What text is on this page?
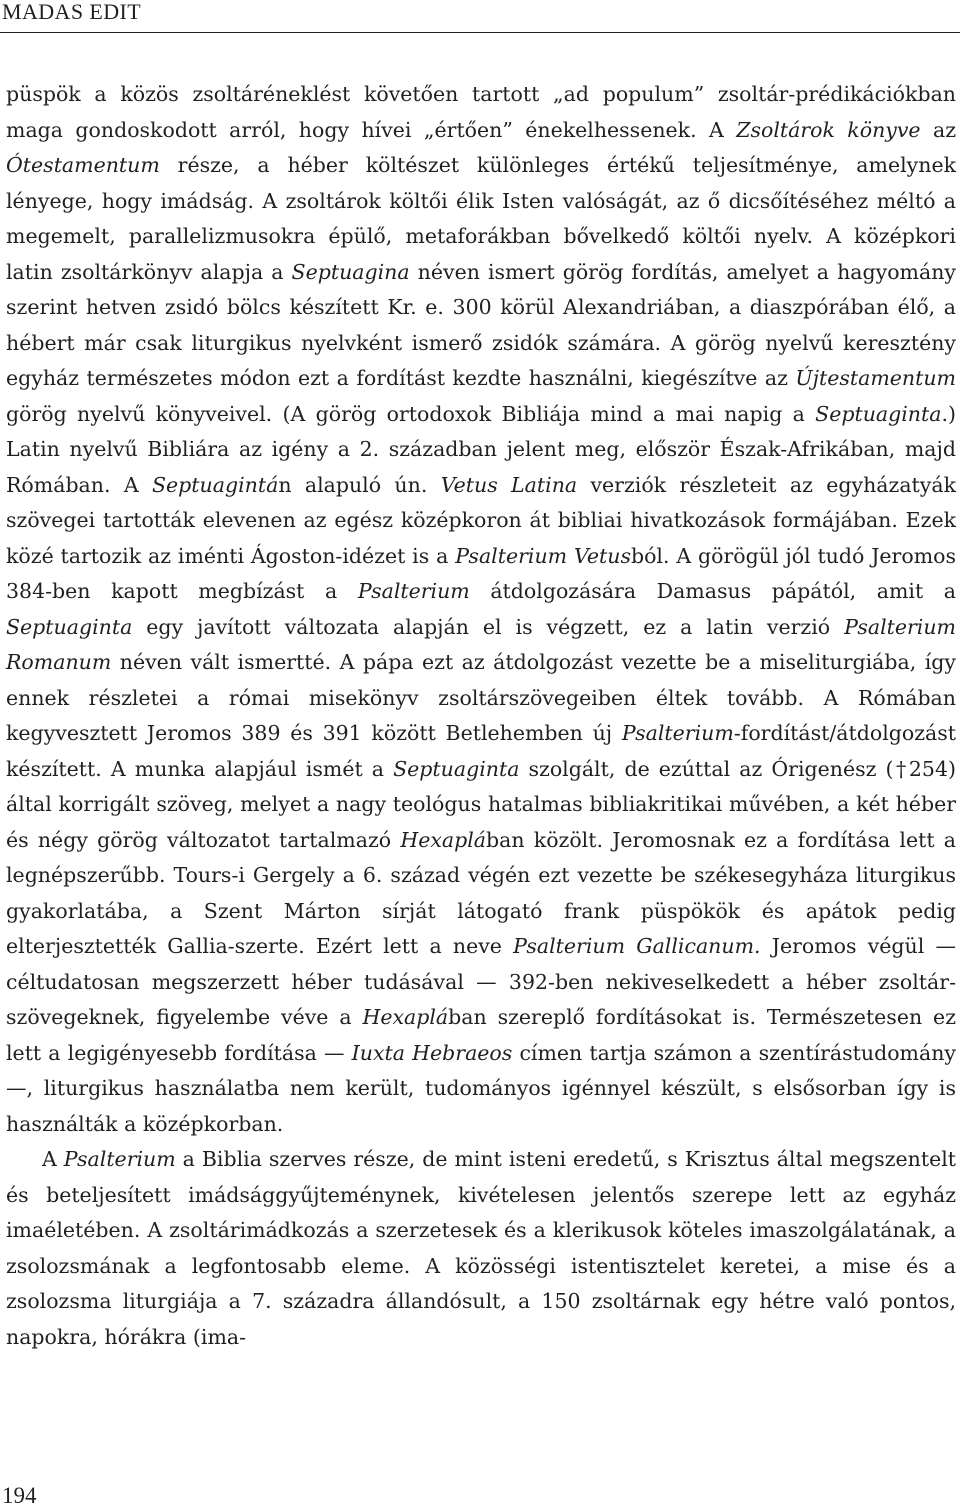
MADAS EDIT

püspök a közös zsoltáréneklést követően tartott „ad populum” zsoltár-prédikációkban maga gondoskodott arról, hogy hívei „értően” énekelhessenek. A Zsoltárok könyve az Ótestamentum része, a héber költészet különleges értékű teljesítménye, amelynek lényege, hogy imádság. A zsoltárok költői élik Isten valóságát, az ő dicsőítéséhez méltó a megemelt, parallelizmusokra épülő, metaforákban bővelkedő költői nyelv. A középkori latin zsoltárkönyv alapja a Septuagina néven ismert görög fordítás, amelyet a hagyomány szerint hetven zsidó bölcs készített Kr. e. 300 körül Alexandriában, a diaszpórában élő, a hébert már csak liturgikus nyelvként ismerő zsidók számára. A görög nyelvű keresztény egyház természetes módon ezt a fordítást kezdte használni, kiegészítve az Újtestamentum görög nyelvű könyveivel. (A görög ortodoxok Bibliája mind a mai napig a Septuaginta.) Latin nyelvű Bibliára az igény a 2. században jelent meg, először Észak-Afrikában, majd Rómában. A Septuagintán alapuló ún. Vetus Latina verziók részleteit az egyházatyák szövegei tartották elevenen az egész középkoron át bibliai hivatkozások formájában. Ezek közé tartozik az iménti Ágoston-idézet is a Psalterium Vetusból. A görögül jól tudó Jeromos 384-ben kapott megbízást a Psalterium átdolgozására Damasus pápától, amit a Septuaginta egy javított változata alapján el is végzett, ez a latin verzió Psalterium Romanum néven vált ismertté. A pápa ezt az átdolgozást vezette be a miseliturgiába, így ennek részletei a római misekönyv zsoltárszövegeiben éltek tovább. A Rómában kegyvesztett Jeromos 389 és 391 között Betlehemben új Psalterium-fordítást/átdolgozást készített. A munka alapjául ismét a Septuaginta szolgált, de ezúttal az Órigenész (†254) által korrigált szöveg, melyet a nagy teológus hatalmas bibliakritikai művében, a két héber és négy görög változatot tartalmazó Hexaplában közölt. Jeromosnak ez a fordítása lett a legnépszerűbb. Tours-i Gergely a 6. század végén ezt vezette be székesegyháza liturgikus gyakorlatába, a Szent Márton sírját látogató frank püspökök és apátok pedig elterjesztették Gallia-szerte. Ezért lett a neve Psalterium Gallicanum. Jeromos végül — céltudatosan megszerzett héber tudásával — 392-ben nekiveselkedett a héber zsoltár-szövegeknek, figyelembe véve a Hexaplában szereplő fordításokat is. Természetesen ez lett a legigényesebb fordítása — Iuxta Hebraeos címen tartja számon a szentírástudomány —, liturgikus használatba nem került, tudományos igénnyel készült, s elsősorban így is használták a középkorban.

A Psalterium a Biblia szerves része, de mint isteni eredetű, s Krisztus által megszentelt és beteljesített imádsággyűjteménynek, kivételesen jelentős szerepe lett az egyház imaéletében. A zsoltárimádkozás a szerzetesek és a klerikusok köteles imaszolgálatának, a zsolozsmának a legfontosabb eleme. A közösségi istentisztelet keretei, a mise és a zsolozsma liturgiája a 7. századra állandósult, a 150 zsoltárnak egy hétre való pontos, napokra, hórákra (ima-

194
